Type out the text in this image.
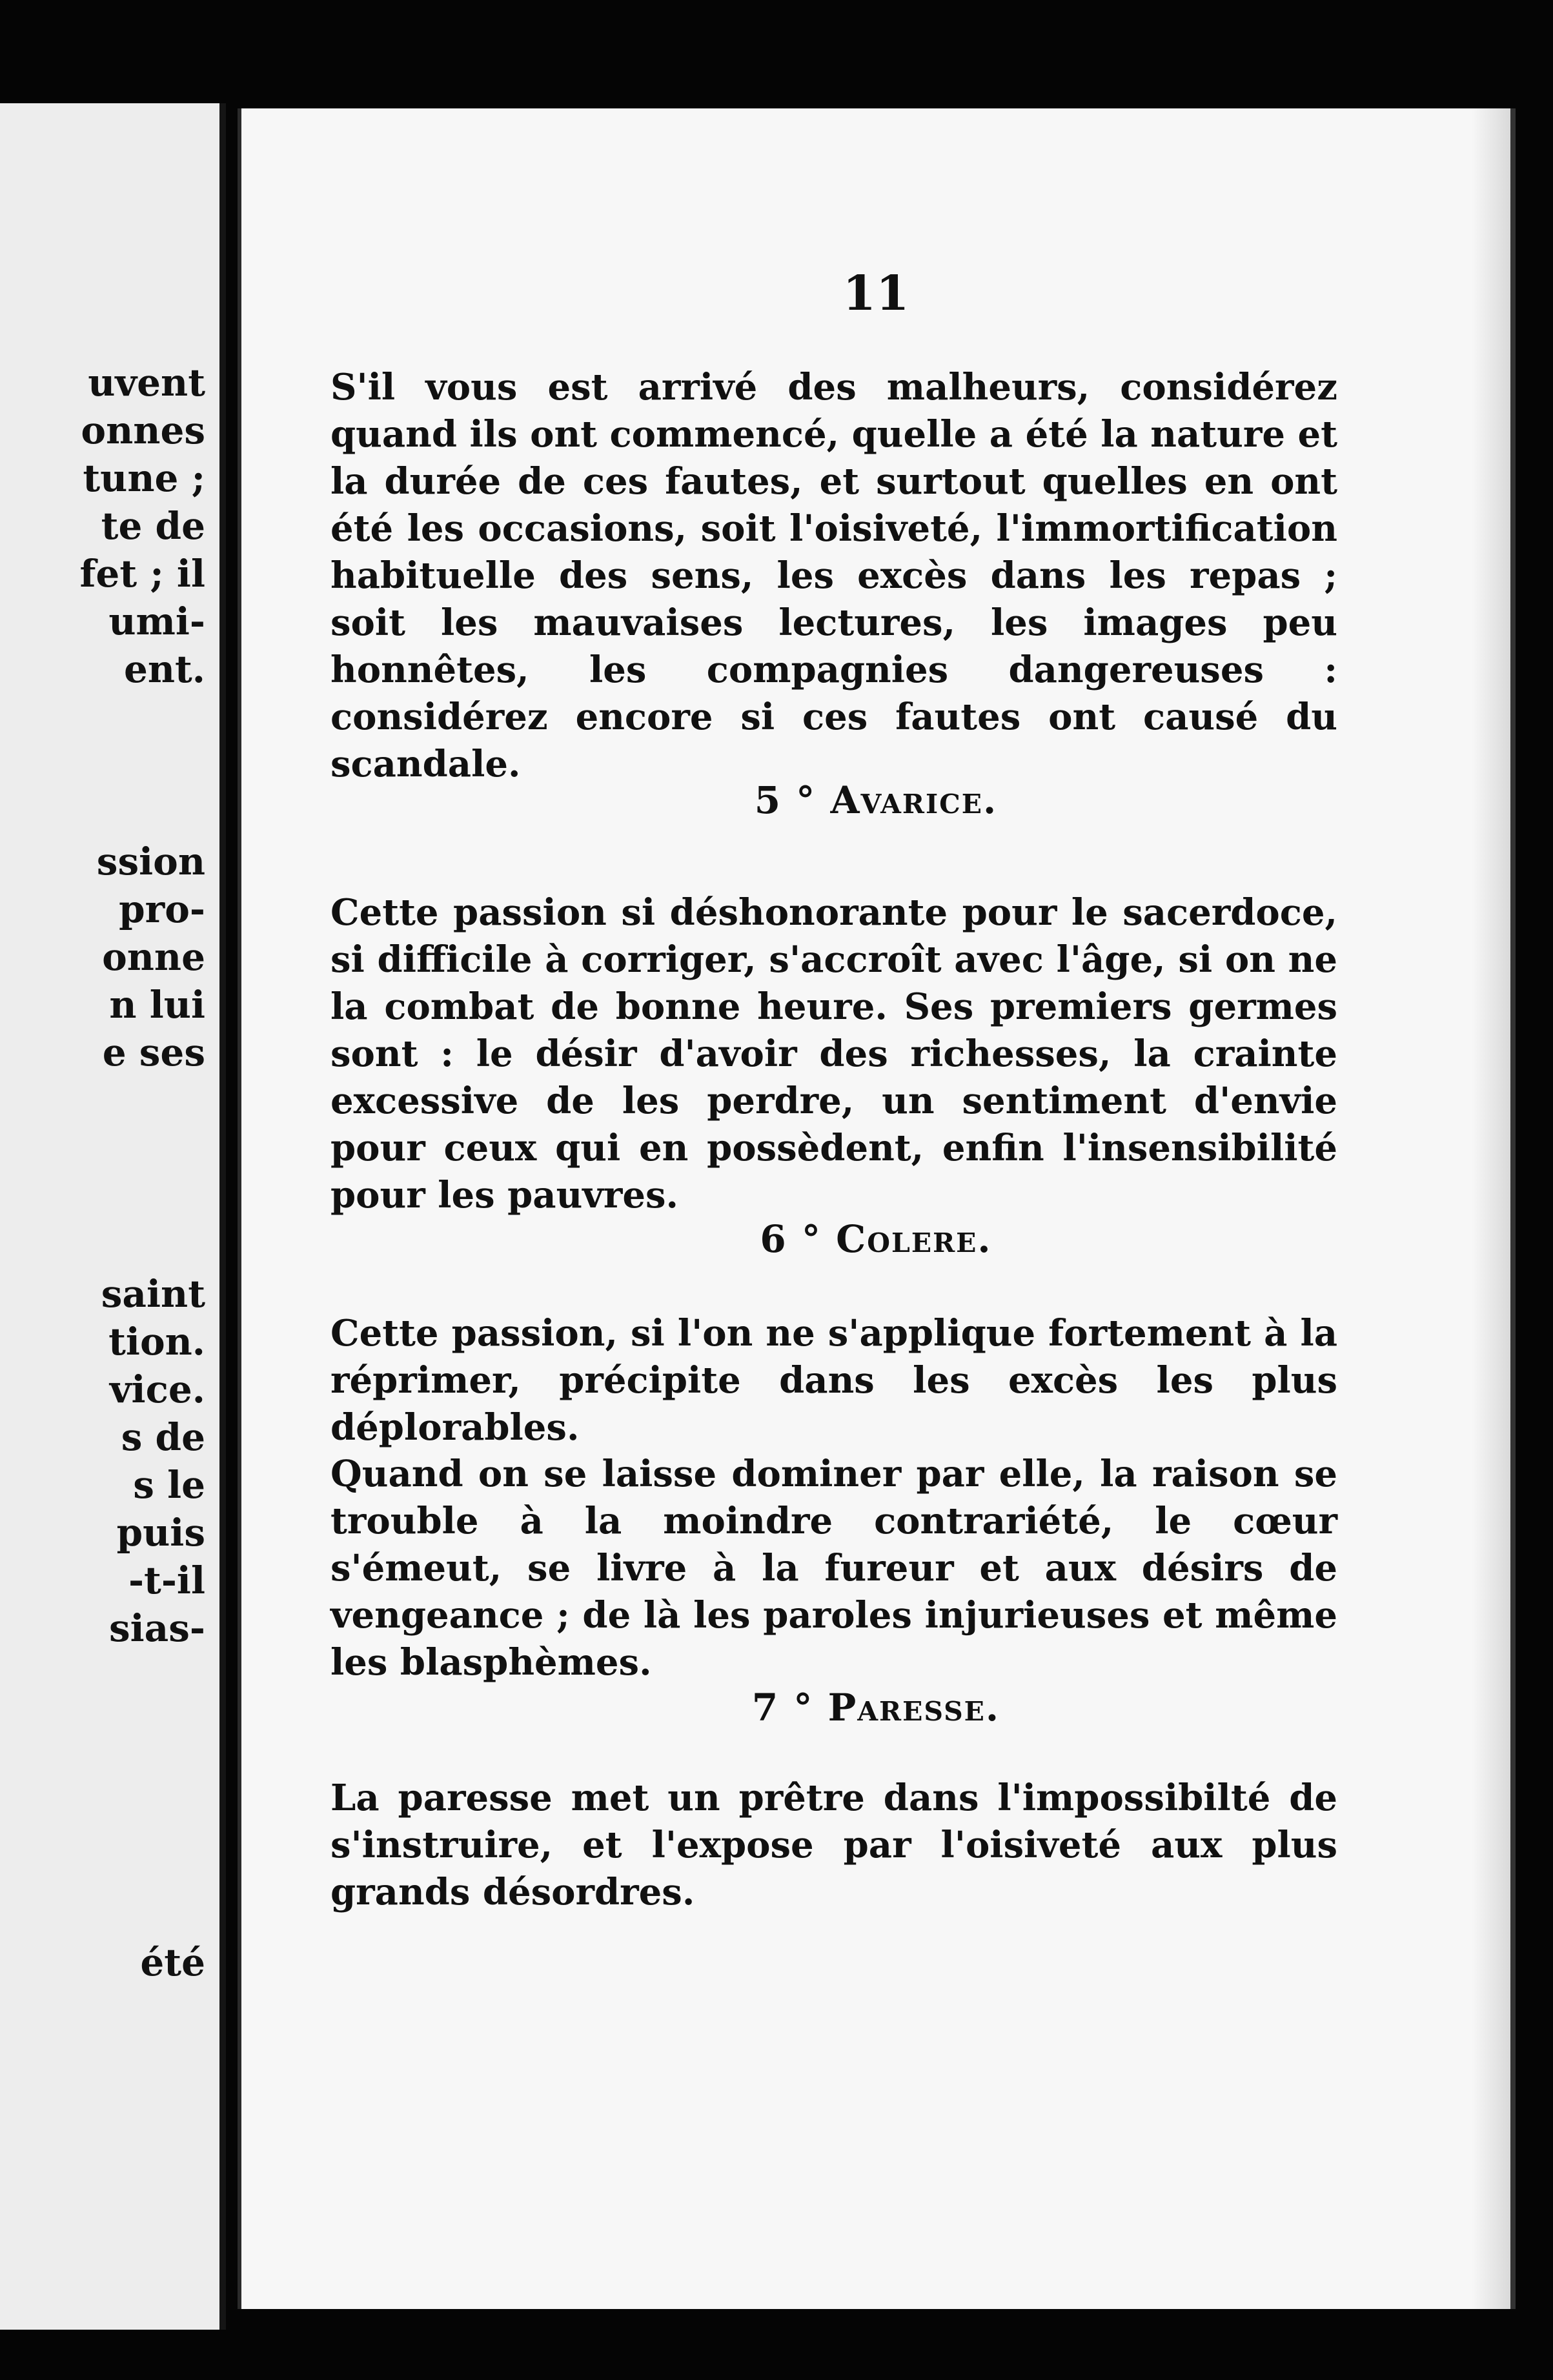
uvent
onnes
tune ;
te de
fet ; il
umi-
ent.
ssion
pro-
onne
n lui
e ses
saint
tion.
vice.
s de
s le
puis
-t-il
sias-
été

11

S'il vous est arrivé des malheurs, considérez quand ils ont commencé, quelle a été la nature et la durée de ces fautes, et surtout quelles en ont été les occasions, soit l'oisiveté, l'immortification habituelle des sens, les excès dans les repas ; soit les mauvaises lectures, les images peu honnêtes, les compagnies dangereuses : considérez encore si ces fautes ont causé du scandale.

5 ° Avarice.

Cette passion si déshonorante pour le sacerdoce, si difficile à corriger, s'accroît avec l'âge, si on ne la combat de bonne heure. Ses premiers germes sont : le désir d'avoir des richesses, la crainte excessive de les perdre, un sentiment d'envie pour ceux qui en possèdent, enfin l'insensibilité pour les pauvres.

6 ° Colere.

Cette passion, si l'on ne s'applique fortement à la réprimer, précipite dans les excès les plus déplorables.

Quand on se laisse dominer par elle, la raison se trouble à la moindre contrariété, le cœur s'émeut, se livre à la fureur et aux désirs de vengeance ; de là les paroles injurieuses et même les blasphèmes.

7 ° Paresse.

La paresse met un prêtre dans l'impossibilté de s'instruire, et l'expose par l'oisiveté aux plus grands désordres.
